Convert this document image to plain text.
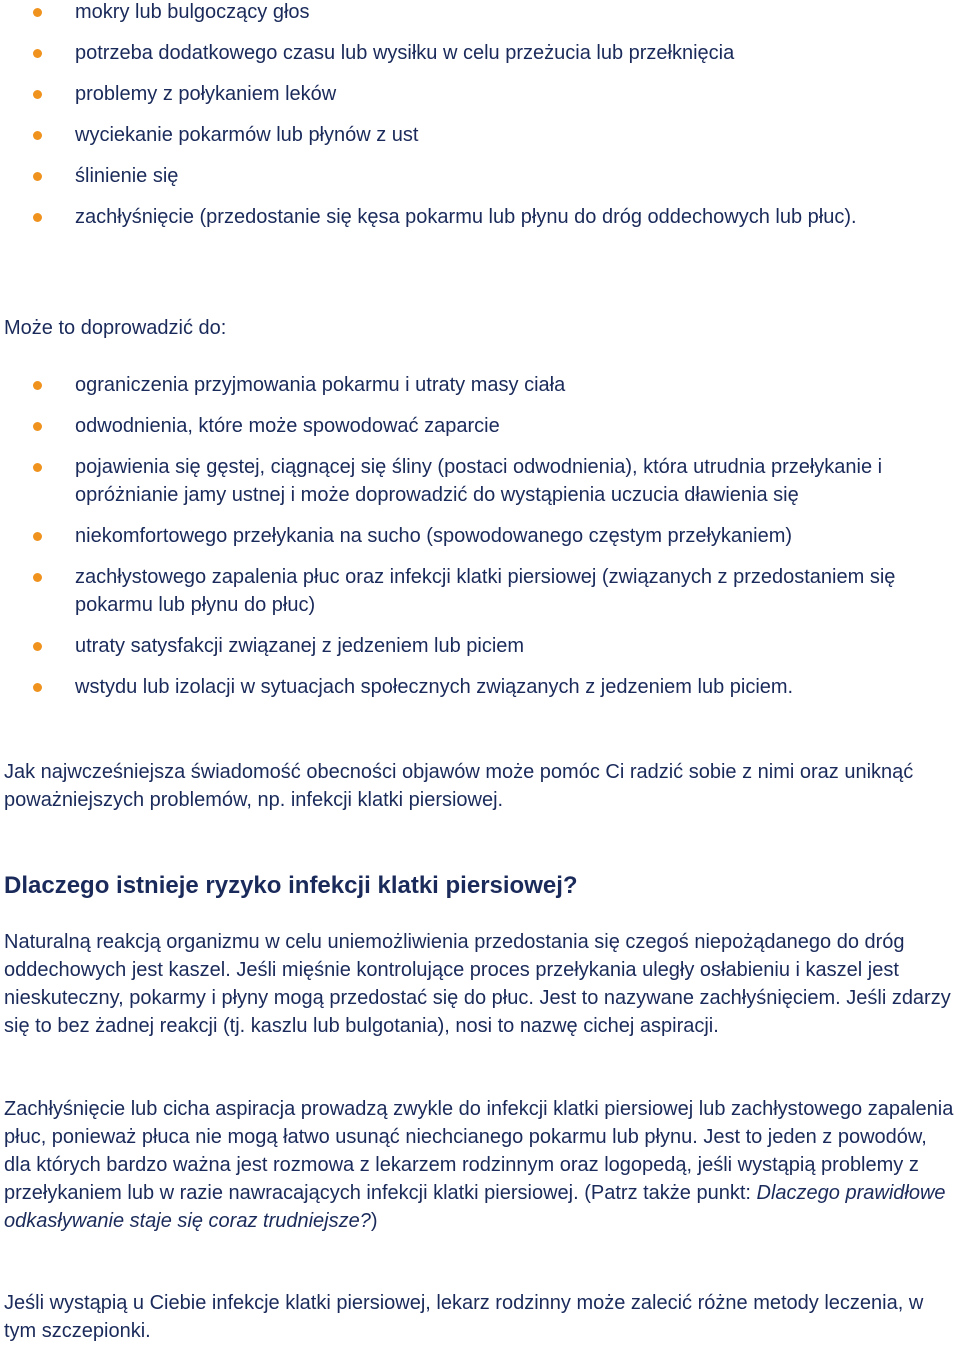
mokry lub bulgoczący głos
potrzeba dodatkowego czasu lub wysiłku w celu przeżucia lub przełknięcia
problemy z połykaniem leków
wyciekanie pokarmów lub płynów z ust
ślinienie się
zachłyśnięcie (przedostanie się kęsa pokarmu lub płynu do dróg oddechowych lub płuc).

Może to doprowadzić do:

ograniczenia przyjmowania pokarmu i utraty masy ciała
odwodnienia, które może spowodować zaparcie
pojawienia się gęstej, ciągnącej się śliny (postaci odwodnienia), która utrudnia przełykanie i opróżnianie jamy ustnej i może doprowadzić do wystąpienia uczucia dławienia się
niekomfortowego przełykania na sucho (spowodowanego częstym przełykaniem)
zachłystowego zapalenia płuc oraz infekcji klatki piersiowej (związanych z przedostaniem się pokarmu lub płynu do płuc)
utraty satysfakcji związanej z jedzeniem lub piciem
wstydu lub izolacji w sytuacjach społecznych związanych z jedzeniem lub piciem.

Jak najwcześniejsza świadomość obecności objawów może pomóc Ci radzić sobie z nimi oraz uniknąć poważniejszych problemów, np. infekcji klatki piersiowej.

Dlaczego istnieje ryzyko infekcji klatki piersiowej?

Naturalną reakcją organizmu w celu uniemożliwienia przedostania się czegoś niepożądanego do dróg oddechowych jest kaszel. Jeśli mięśnie kontrolujące proces przełykania uległy osłabieniu i kaszel jest nieskuteczny, pokarmy i płyny mogą przedostać się do płuc. Jest to nazywane zachłyśnięciem. Jeśli zdarzy się to bez żadnej reakcji (tj. kaszlu lub bulgotania), nosi to nazwę cichej aspiracji.

Zachłyśnięcie lub cicha aspiracja prowadzą zwykle do infekcji klatki piersiowej lub zachłystowego zapalenia płuc, ponieważ płuca nie mogą łatwo usunąć niechcianego pokarmu lub płynu. Jest to jeden z powodów, dla których bardzo ważna jest rozmowa z lekarzem rodzinnym oraz logopedą, jeśli wystąpią problemy z przełykaniem lub w razie nawracających infekcji klatki piersiowej. (Patrz także punkt: Dlaczego prawidłowe odkasływanie staje się coraz trudniejsze?)

Jeśli wystąpią u Ciebie infekcje klatki piersiowej, lekarz rodzinny może zalecić różne metody leczenia, w tym szczepionki.
